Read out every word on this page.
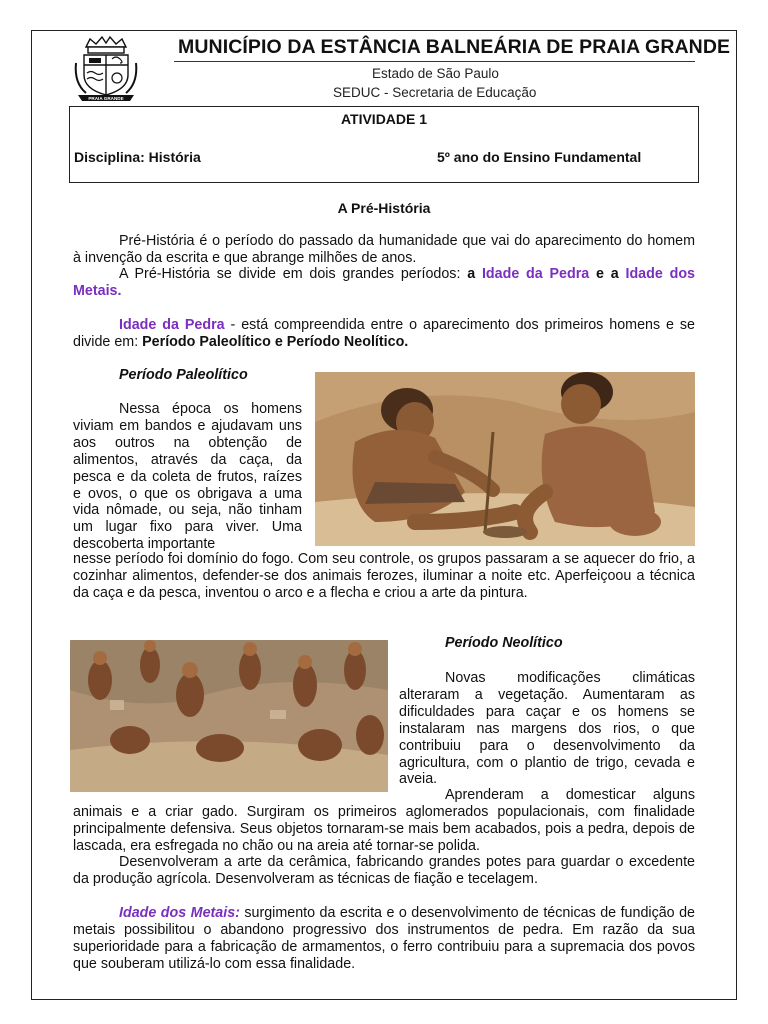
PRAIA GRANDE
MUNICÍPIO DA ESTÂNCIA BALNEÁRIA DE PRAIA GRANDE
Estado de São Paulo
SEDUC - Secretaria de Educação
ATIVIDADE 1
Disciplina: História	5º ano do Ensino Fundamental
A Pré-História
Pré-História é o período do passado da humanidade que vai do aparecimento do homem à invenção da escrita e que abrange milhões de anos.
A Pré-História se divide em dois grandes períodos: a Idade da Pedra e a Idade dos Metais.
Idade da Pedra - está compreendida entre o aparecimento dos primeiros homens e se divide em: Período Paleolítico e Período Neolítico.
Período Paleolítico
Nessa época os homens viviam em bandos e ajudavam uns aos outros na obtenção de alimentos, através da caça, da pesca e da coleta de frutos, raízes e ovos, o que os obrigava a uma vida nômade, ou seja, não tinham um lugar fixo para viver. Uma descoberta importante
nesse período foi domínio do fogo. Com seu controle, os grupos passaram a se aquecer do frio, a cozinhar alimentos, defender-se dos animais ferozes, iluminar a noite etc. Aperfeiçoou a técnica da caça e da pesca, inventou o arco e a flecha e criou a arte da pintura.
Período Neolítico
Novas modificações climáticas alteraram a vegetação. Aumentaram as dificuldades para caçar e os homens se instalaram nas margens dos rios, o que contribuiu para o desenvolvimento da agricultura, com o plantio de trigo, cevada e aveia.
Aprenderam a domesticar alguns
animais e a criar gado. Surgiram os primeiros aglomerados populacionais, com finalidade principalmente defensiva. Seus objetos tornaram-se mais bem acabados, pois a pedra, depois de lascada, era esfregada no chão ou na areia até tornar-se polida.
Desenvolveram a arte da cerâmica, fabricando grandes potes para guardar o excedente da produção agrícola. Desenvolveram as técnicas de fiação e tecelagem.
Idade dos Metais: surgimento da escrita e o desenvolvimento de técnicas de fundição de metais possibilitou o abandono progressivo dos instrumentos de pedra. Em razão da sua superioridade para a fabricação de armamentos, o ferro contribuiu para a supremacia dos povos que souberam utilizá-lo com essa finalidade.
